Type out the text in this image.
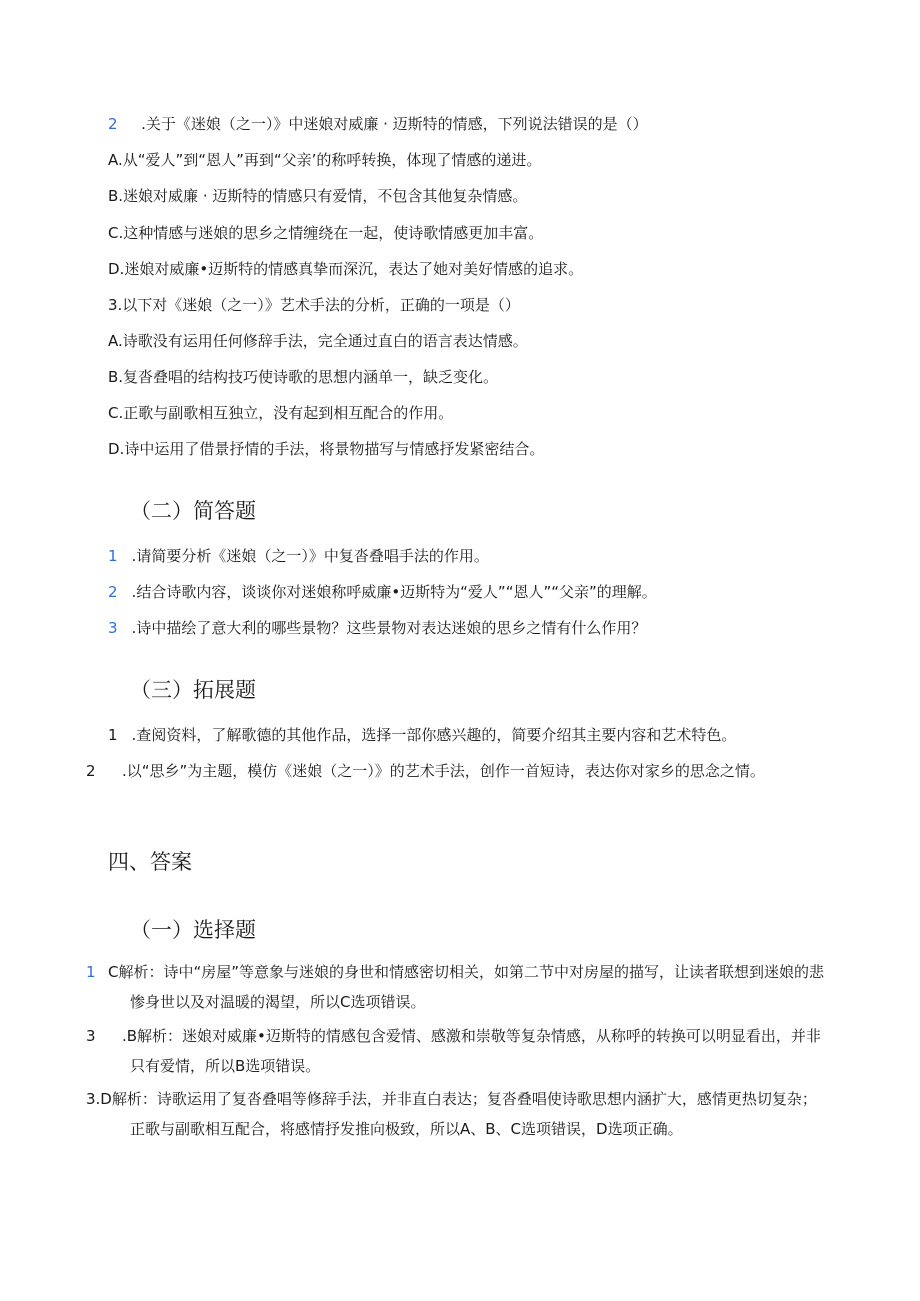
2 .关于《迷娘（之一）》中迷娘对威廉 · 迈斯特的情感，下列说法错误的是（）
A.从“爱人”到“恩人”再到“父亲’的称呼转换，体现了情感的递进。
B.迷娘对威廉 · 迈斯特的情感只有爱情，不包含其他复杂情感。
C.这种情感与迷娘的思乡之情缠绕在一起，使诗歌情感更加丰富。
D.迷娘对威廉•迈斯特的情感真挚而深沉，表达了她对美好情感的追求。
3.以下对《迷娘（之一）》艺术手法的分析，正确的一项是（）
A.诗歌没有运用任何修辞手法，完全通过直白的语言表达情感。
B.复沓叠唱的结构技巧使诗歌的思想内涵单一，缺乏变化。
C.正歌与副歌相互独立，没有起到相互配合的作用。
D.诗中运用了借景抒情的手法，将景物描写与情感抒发紧密结合。
（二）简答题
1 .请简要分析《迷娘（之一）》中复沓叠唱手法的作用。
2 .结合诗歌内容，谈谈你对迷娘称呼威廉•迈斯特为“爱人”“恩人”“父亲”的理解。
3 .诗中描绘了意大利的哪些景物？这些景物对表达迷娘的思乡之情有什么作用？
（三）拓展题
1 .查阅资料，了解歌德的其他作品，选择一部你感兴趣的，简要介绍其主要内容和艺术特色。
2 .以“思乡”为主题，模仿《迷娘（之一）》的艺术手法，创作一首短诗，表达你对家乡的思念之情。
四、答案
（一）选择题
1 C解析：诗中“房屋”等意象与迷娘的身世和情感密切相关，如第二节中对房屋的描写，让读者联想到迷娘的悲惨身世以及对温暖的渴望，所以C选项错误。
3 .B解析：迷娘对威廉•迈斯特的情感包含爱情、感激和崇敬等复杂情感，从称呼的转换可以明显看出，并非只有爱情，所以B选项错误。
3.D解析：诗歌运用了复沓叠唱等修辞手法，并非直白表达；复沓叠唱使诗歌思想内涵扩大，感情更热切复杂；正歌与副歌相互配合，将感情抒发推向极致，所以A、B、C选项错误，D选项正确。
